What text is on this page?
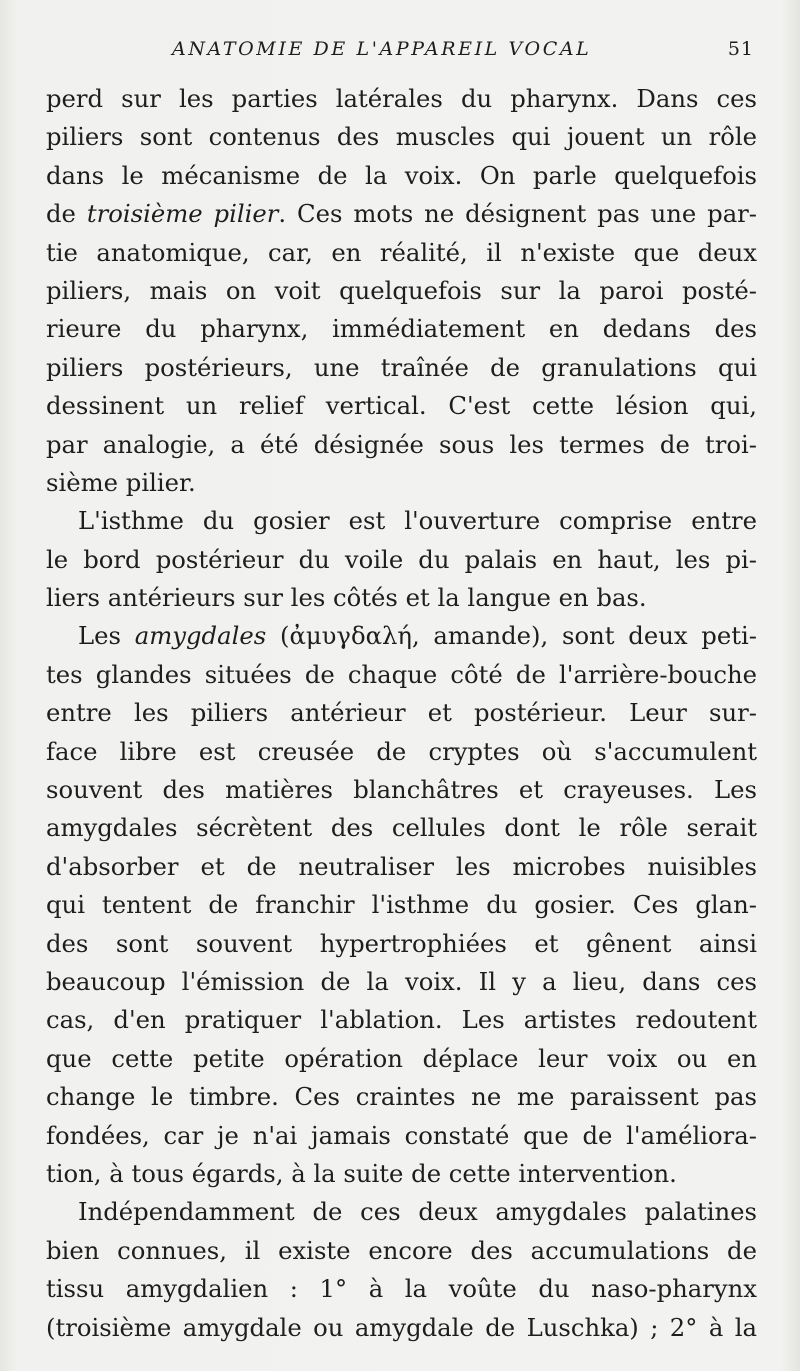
ANATOMIE DE L'APPAREIL VOCAL	51
perd sur les parties latérales du pharynx. Dans ces
piliers sont contenus des muscles qui jouent un rôle
dans le mécanisme de la voix. On parle quelquefois
de troisième pilier. Ces mots ne désignent pas une par-
tie anatomique, car, en réalité, il n'existe que deux
piliers, mais on voit quelquefois sur la paroi posté-
rieure du pharynx, immédiatement en dedans des
piliers postérieurs, une traînée de granulations qui
dessinent un relief vertical. C'est cette lésion qui,
par analogie, a été désignée sous les termes de troi-
sième pilier.
L'isthme du gosier est l'ouverture comprise entre
le bord postérieur du voile du palais en haut, les pi-
liers antérieurs sur les côtés et la langue en bas.
Les amygdales (ἀμυγδαλή, amande), sont deux peti-
tes glandes situées de chaque côté de l'arrière-bouche
entre les piliers antérieur et postérieur. Leur sur-
face libre est creusée de cryptes où s'accumulent
souvent des matières blanchâtres et crayeuses. Les
amygdales sécrètent des cellules dont le rôle serait
d'absorber et de neutraliser les microbes nuisibles
qui tentent de franchir l'isthme du gosier. Ces glan-
des sont souvent hypertrophiées et gênent ainsi
beaucoup l'émission de la voix. Il y a lieu, dans ces
cas, d'en pratiquer l'ablation. Les artistes redoutent
que cette petite opération déplace leur voix ou en
change le timbre. Ces craintes ne me paraissent pas
fondées, car je n'ai jamais constaté que de l'améliora-
tion, à tous égards, à la suite de cette intervention.
Indépendamment de ces deux amygdales palatines
bien connues, il existe encore des accumulations de
tissu amygdalien : 1° à la voûte du naso-pharynx
(troisième amygdale ou amygdale de Luschka) ; 2° à la
